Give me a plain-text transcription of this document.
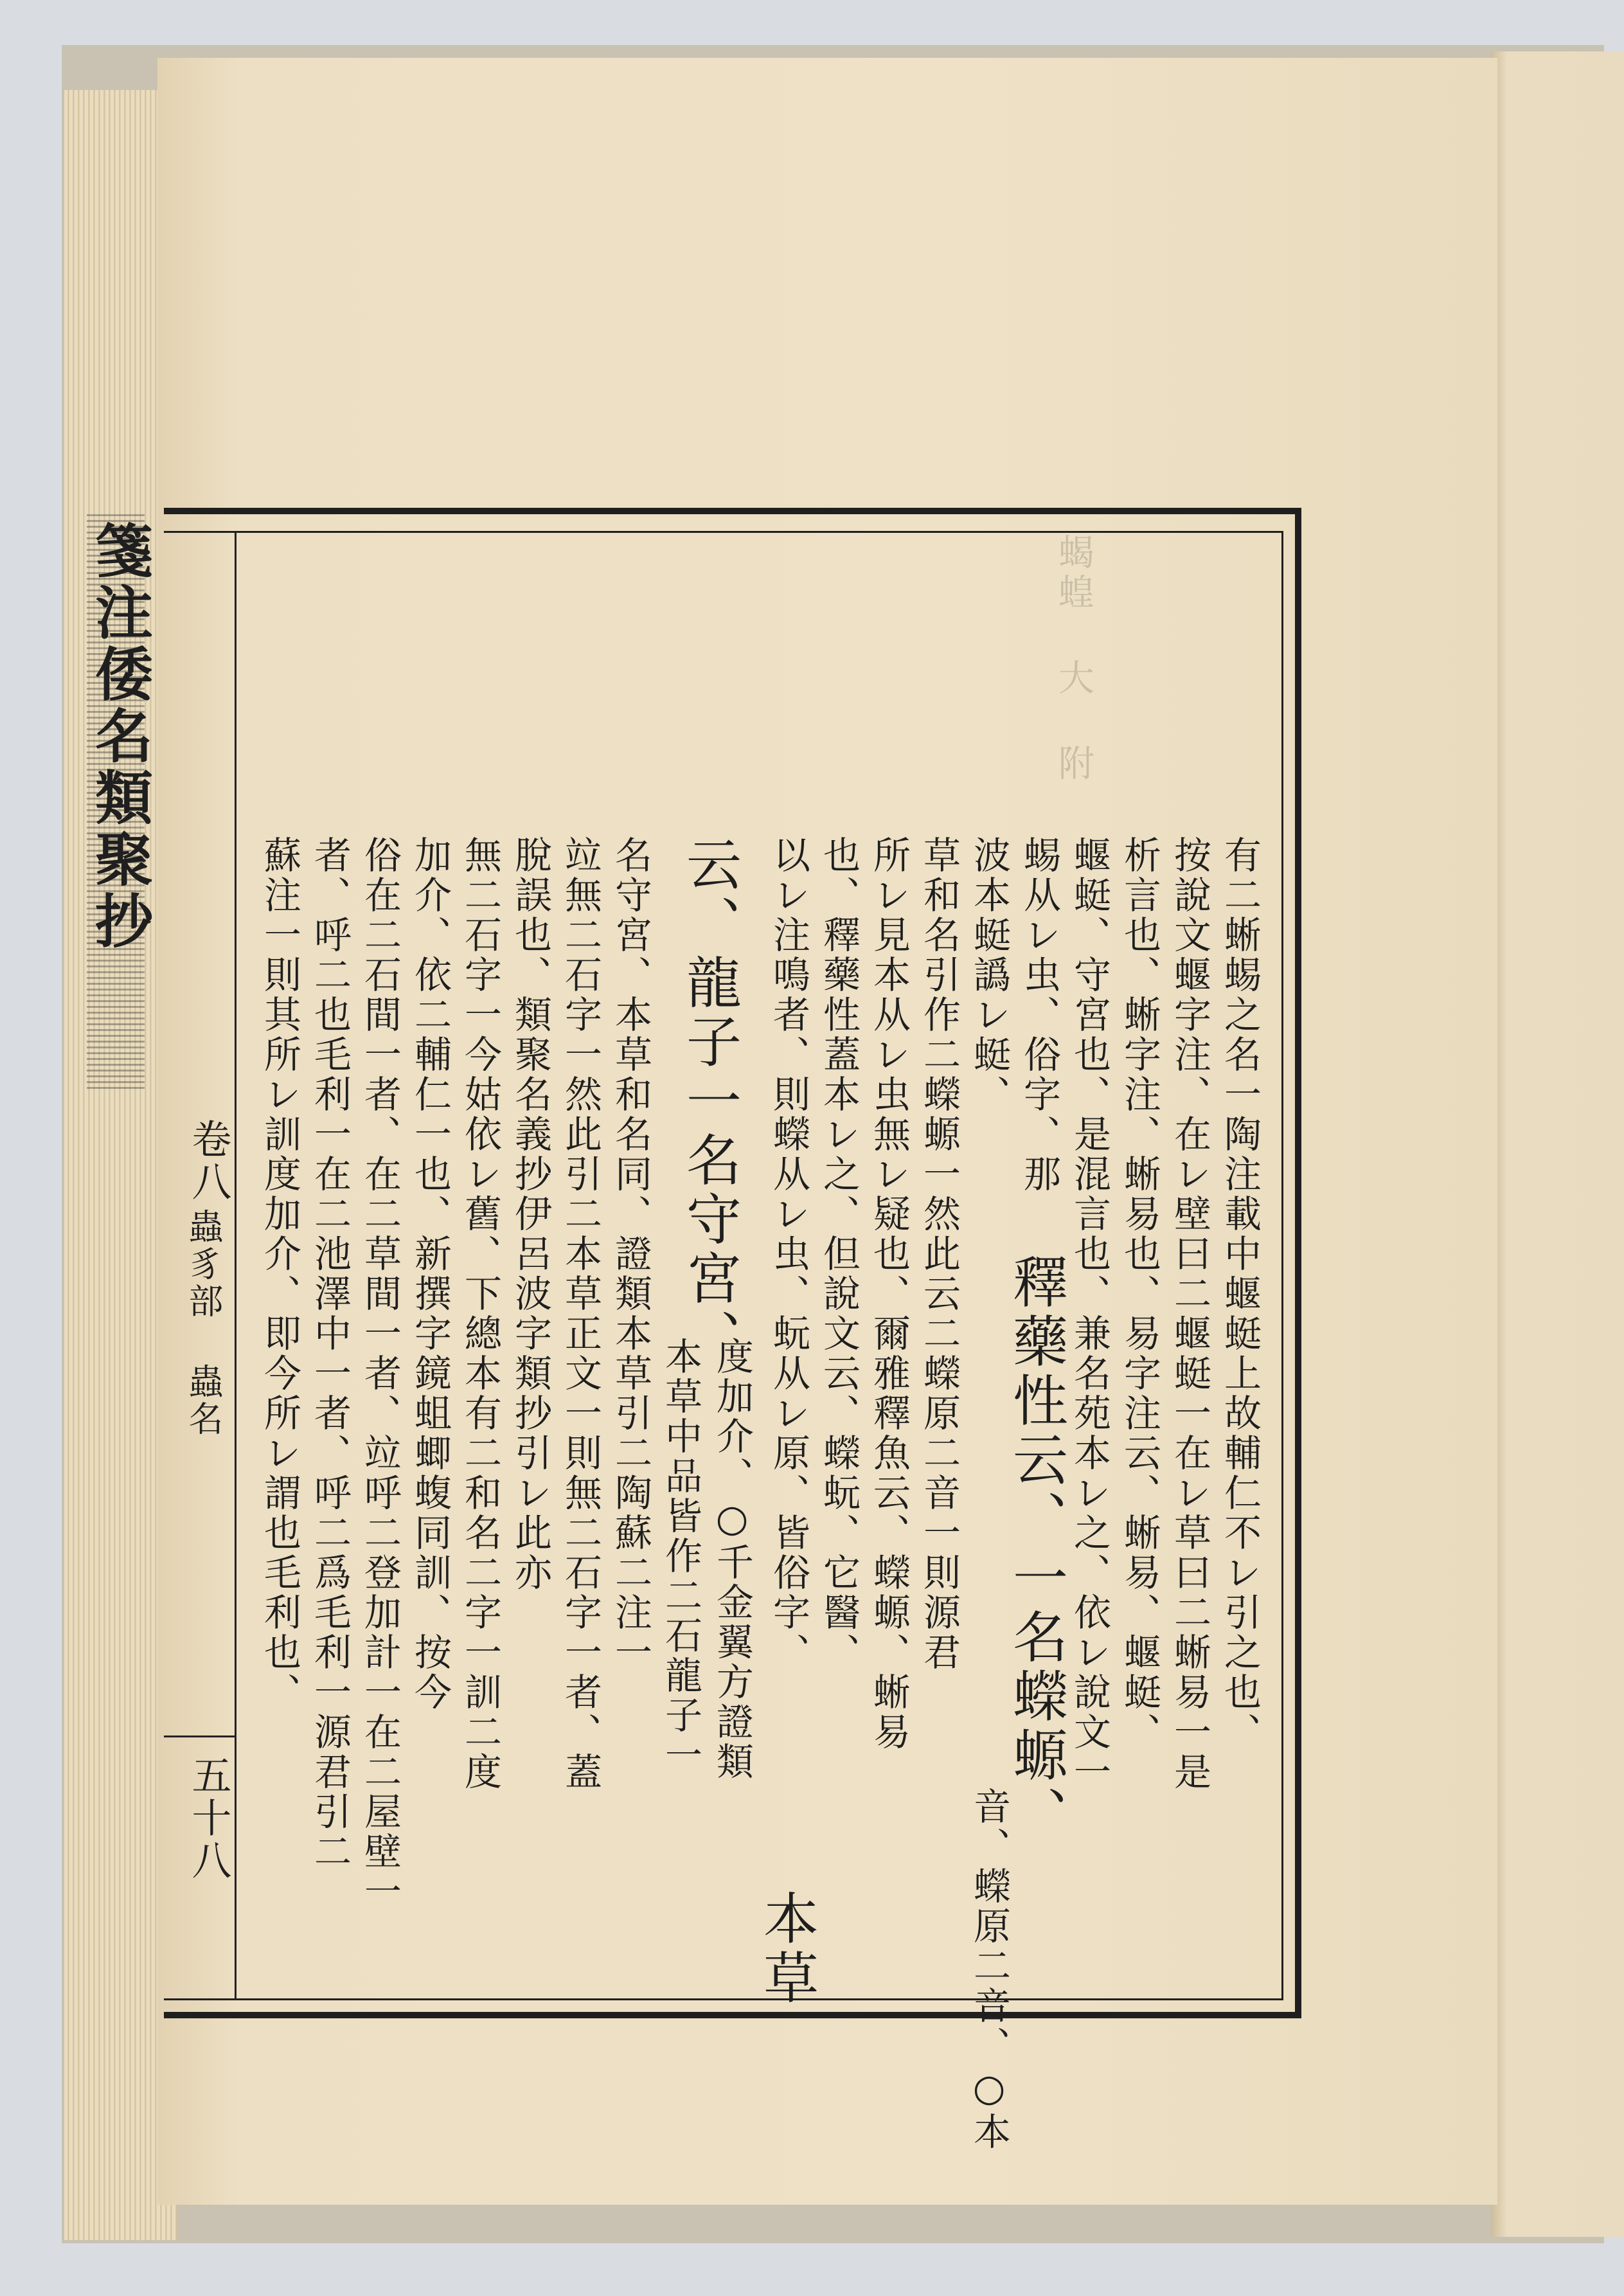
蝎蝗 大 附
箋注倭名類聚抄
卷八
蟲豸部 蟲名
五十八
有二蜥蜴之名一陶注載中蝘蜓上故輔仁不レ引之也、
按說文蝘字注、在レ壁曰二蝘蜓一在レ草曰二蜥易一是
析言也、蜥字注、蜥易也、易字注云、蜥易、蝘蜓、
蝘蜓、守宮也、是混言也、兼名苑本レ之、依レ說文一
蜴从レ虫、俗字、那
釋藥性云、一名蠑螈、
音、蠑原二音、○本
波本蜓譌レ蜓、
草和名引作二蠑螈一然此云二蠑原二音一則源君
所レ見本从レ虫無レ疑也、爾雅釋魚云、蠑螈、蜥易
也、釋藥性蓋本レ之、但說文云、蠑蚖、它醫、
以レ注鳴者、則蠑从レ虫、蚖从レ原、皆俗字、
本草
云、龍子一名守宮、
度加介、○千金翼方證類
本草中品皆作二石龍子一
名守宮、本草和名同、證類本草引二陶蘇二注一
竝無二石字一然此引二本草正文一則無二石字一者、蓋
脫誤也、類聚名義抄伊呂波字類抄引レ此亦
無二石字一今姑依レ舊、下總本有二和名二字一訓二度
加介、依二輔仁一也、新撰字鏡蛆蝍蝮同訓、按今
俗在二石間一者、在二草間一者、竝呼二登加計一在二屋壁一
者、呼二也毛利一在二池澤中一者、呼二爲毛利一源君引二
蘇注一則其所レ訓度加介、即今所レ謂也毛利也、
